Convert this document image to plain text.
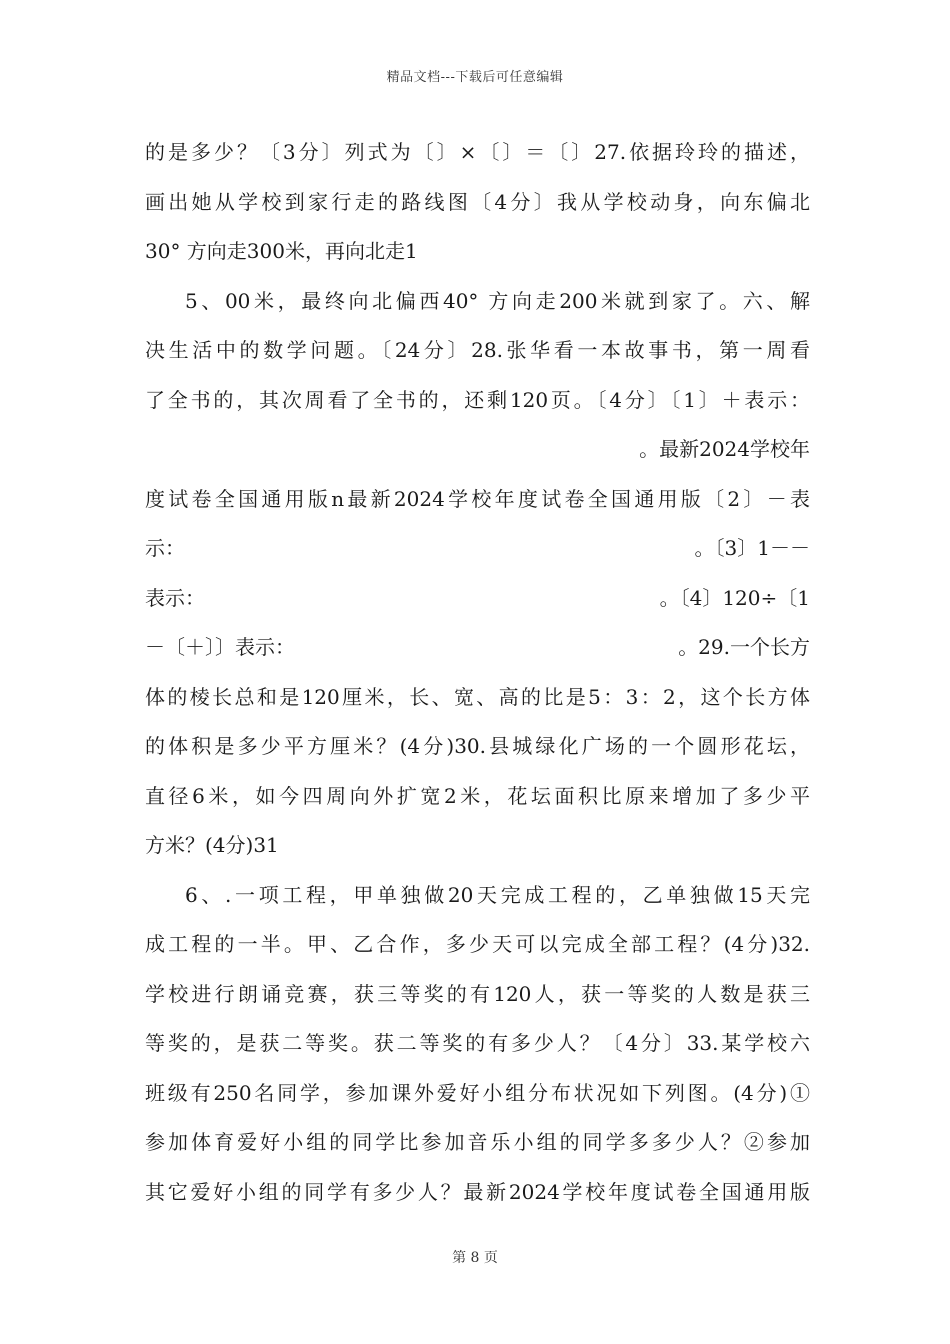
精品文档---下载后可任意编辑
的是多少？〔3分〕列式为〔〕×〔〕＝〔〕27.依据玲玲的描述，
画出她从学校到家行走的路线图〔4分〕我从学校动身，向东偏北
30° 方向走300米，再向北走1
5、00米，最终向北偏西40° 方向走200米就到家了。六、解
决生活中的数学问题。〔24分〕28.张华看一本故事书，第一周看
了全书的，其次周看了全书的，还剩120页。〔4分〕〔1〕＋表示：
。最新2024学校年
度试卷全国通用版n最新2024学校年度试卷全国通用版〔2〕－表
示：	。〔3〕1－－
表示：	。〔4〕120÷〔1
－〔＋〕〕表示：	。29.一个长方
体的棱长总和是120厘米，长、宽、高的比是5：3：2，这个长方体
的体积是多少平方厘米？(4分)30.县城绿化广场的一个圆形花坛，
直径6米，如今四周向外扩宽2米，花坛面积比原来增加了多少平
方米？(4分)31
6、.一项工程，甲单独做20天完成工程的，乙单独做15天完
成工程的一半。甲、乙合作，多少天可以完成全部工程？(4分)32.
学校进行朗诵竞赛，获三等奖的有120人，获一等奖的人数是获三
等奖的，是获二等奖。获二等奖的有多少人？〔4分〕33.某学校六
班级有250名同学，参加课外爱好小组分布状况如下列图。(4分)①
参加体育爱好小组的同学比参加音乐小组的同学多多少人？②参加
其它爱好小组的同学有多少人？最新2024学校年度试卷全国通用版
第 8 页
